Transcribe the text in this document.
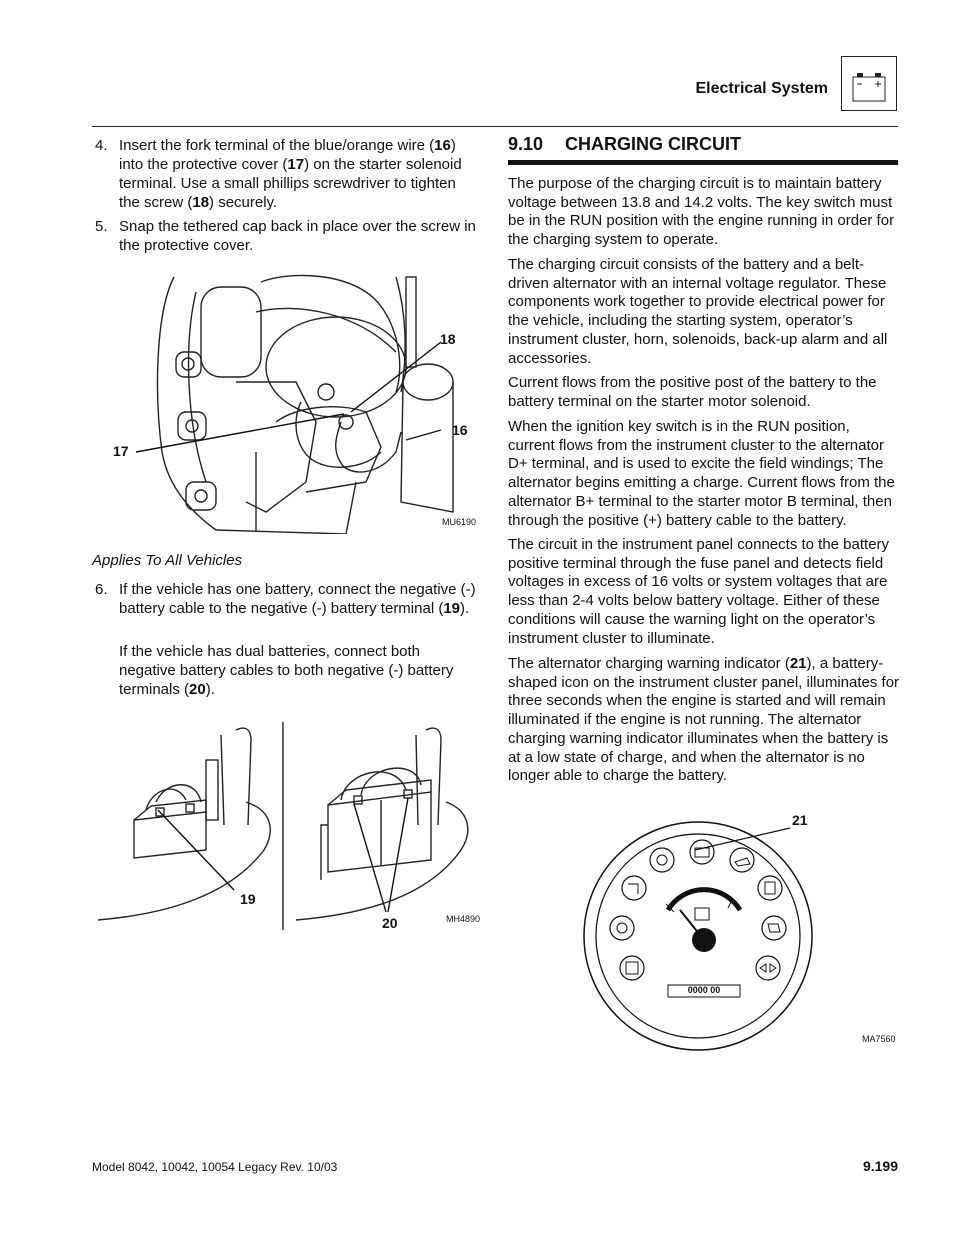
Electrical System
4. Insert the fork terminal of the blue/orange wire (16) into the protective cover (17) on the starter solenoid terminal. Use a small phillips screwdriver to tighten the screw (18) securely.
5. Snap the tethered cap back in place over the screw in the protective cover.
18
16
17
MU6190
Applies To All Vehicles
6. If the vehicle has one battery, connect the negative (-) battery cable to the negative (-) battery terminal (19).
If the vehicle has dual batteries, connect both negative battery cables to both negative (-) battery terminals (20).
19
20	MH4890
9.10 CHARGING CIRCUIT
The purpose of the charging circuit is to maintain battery voltage between 13.8 and 14.2 volts. The key switch must be in the RUN position with the engine running in order for the charging system to operate.
The charging circuit consists of the battery and a belt-driven alternator with an internal voltage regulator. These components work together to provide electrical power for the vehicle, including the starting system, operator’s instrument cluster, horn, solenoids, back-up alarm and all accessories.
Current flows from the positive post of the battery to the battery terminal on the starter motor solenoid.
When the ignition key switch is in the RUN position, current flows from the instrument cluster to the alternator D+ terminal, and is used to excite the field windings; The alternator begins emitting a charge. Current flows from the alternator B+ terminal to the starter motor B terminal, then through the positive (+) battery cable to the battery.
The circuit in the instrument panel connects to the battery positive terminal through the fuse panel and detects field voltages in excess of 16 volts or system voltages that are less than 2-4 volts below battery voltage. Either of these conditions will cause the warning light on the operator’s instrument cluster to illuminate.
The alternator charging warning indicator (21), a battery-shaped icon on the instrument cluster panel, illuminates for three seconds when the engine is started and will remain illuminated if the engine is not running. The alternator charging warning indicator illuminates when the battery is at a low state of charge, and when the alternator is no longer able to charge the battery.
21
0000 00
MA7560
Model 8042, 10042, 10054 Legacy Rev. 10/03	9.199
